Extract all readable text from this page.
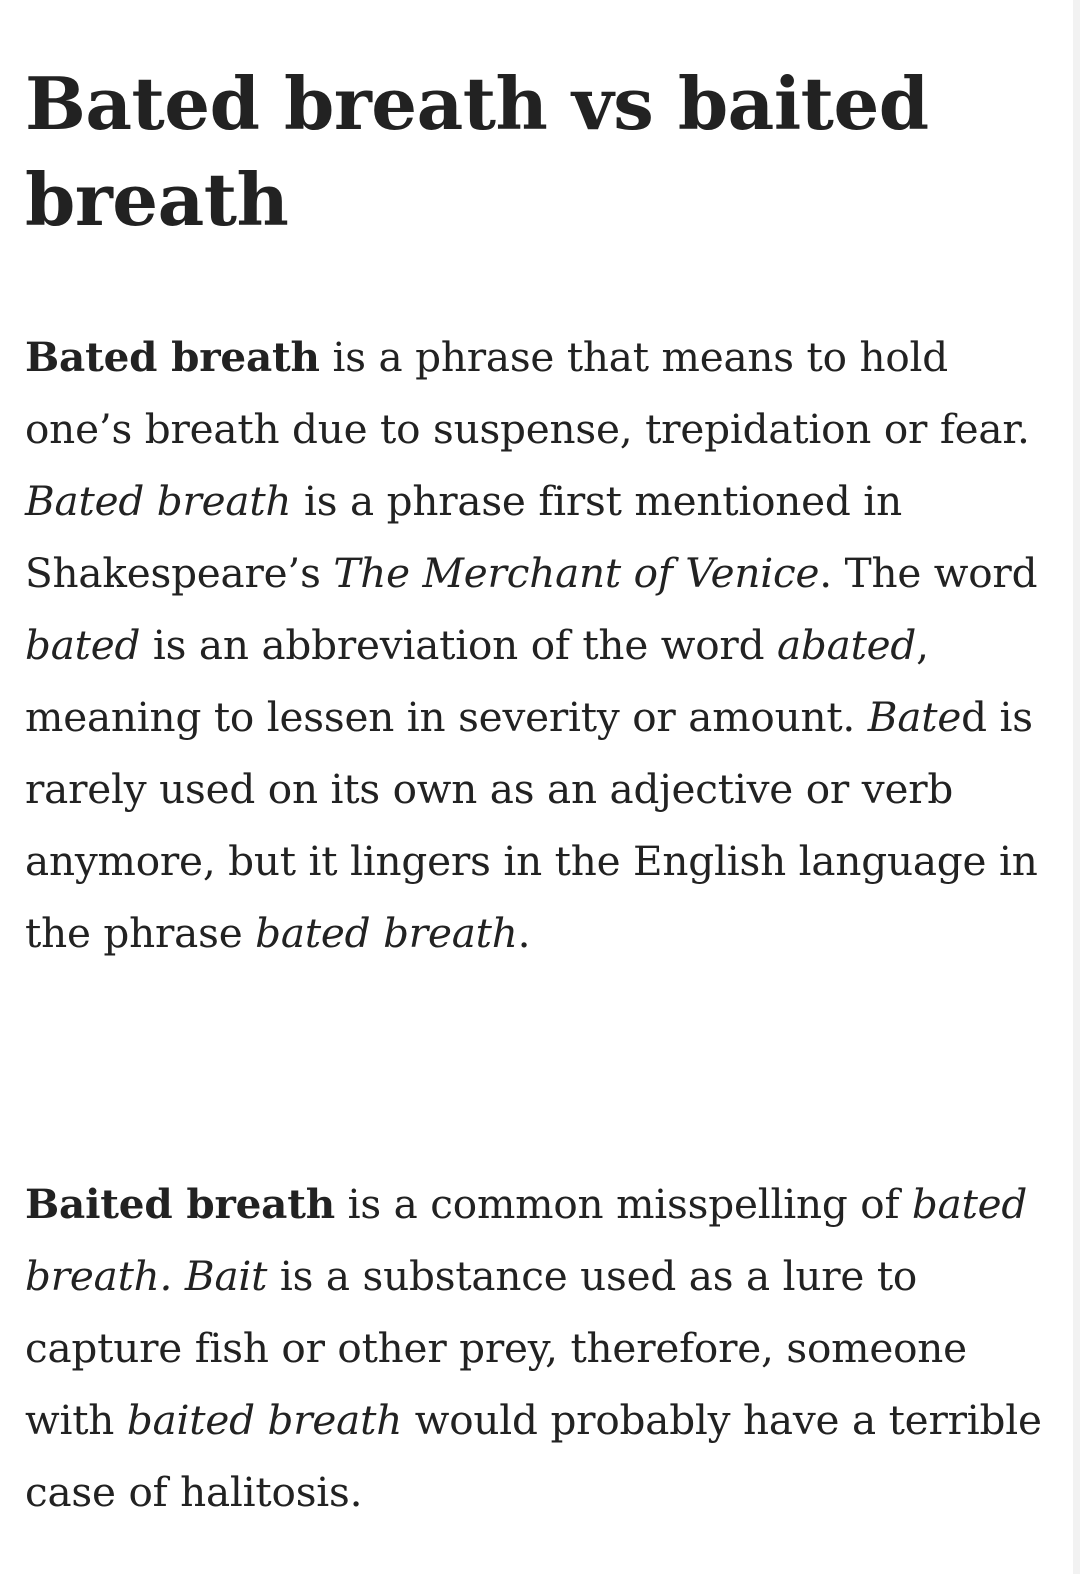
Bated breath vs baited breath

Bated breath is a phrase that means to hold one’s breath due to suspense, trepidation or fear. Bated breath is a phrase first mentioned in Shakespeare’s The Merchant of Venice. The word bated is an abbreviation of the word abated, meaning to lessen in severity or amount. Bated is rarely used on its own as an adjective or verb anymore, but it lingers in the English language in the phrase bated breath.

Baited breath is a common misspelling of bated breath. Bait is a substance used as a lure to capture fish or other prey, therefore, someone with baited breath would probably have a terrible case of halitosis.
